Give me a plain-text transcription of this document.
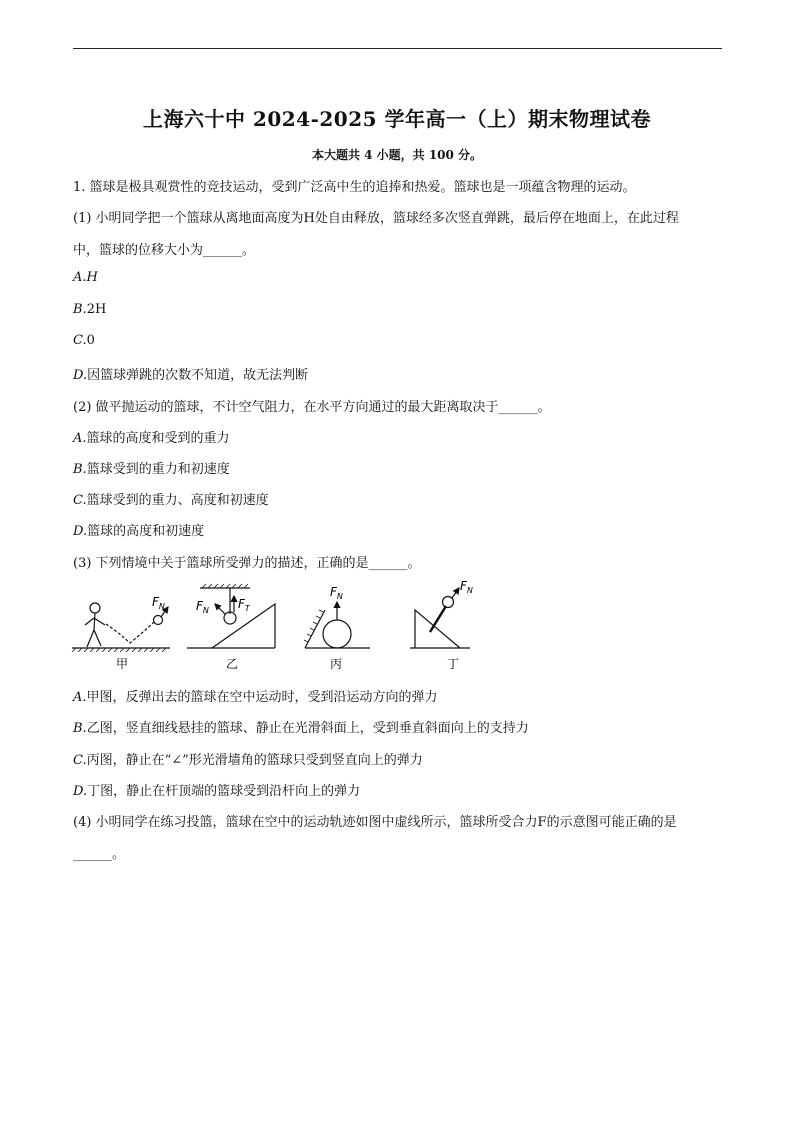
上海六十中 2024-2025 学年高一（上）期末物理试卷
本大题共 4 小题，共 100 分。
1. 篮球是极具观赏性的竞技运动，受到广泛高中生的追捧和热爱。篮球也是一项蕴含物理的运动。
(1) 小明同学把一个篮球从离地面高度为H处自由释放，篮球经多次竖直弹跳，最后停在地面上，在此过程
中，篮球的位移大小为______。
A.H
B.2H
C.0
D.因篮球弹跳的次数不知道，故无法判断
(2) 做平抛运动的篮球，不计空气阻力，在水平方向通过的最大距离取决于______。
A.篮球的高度和受到的重力
B.篮球受到的重力和初速度
C.篮球受到的重力、高度和初速度
D.篮球的高度和初速度
(3) 下列情境中关于篮球所受弹力的描述，正确的是______。
$F_N$
甲
$F_N$ $F_T$
乙
$F_N$
丙
$F_N$
丁
A.甲图，反弹出去的篮球在空中运动时，受到沿运动方向的弹力
B.乙图，竖直细线悬挂的篮球、静止在光滑斜面上，受到垂直斜面向上的支持力
C.丙图，静止在“∠”形光滑墙角的篮球只受到竖直向上的弹力
D.丁图，静止在杆顶端的篮球受到沿杆向上的弹力
(4) 小明同学在练习投篮，篮球在空中的运动轨迹如图中虚线所示，篮球所受合力F的示意图可能正确的是
______。
